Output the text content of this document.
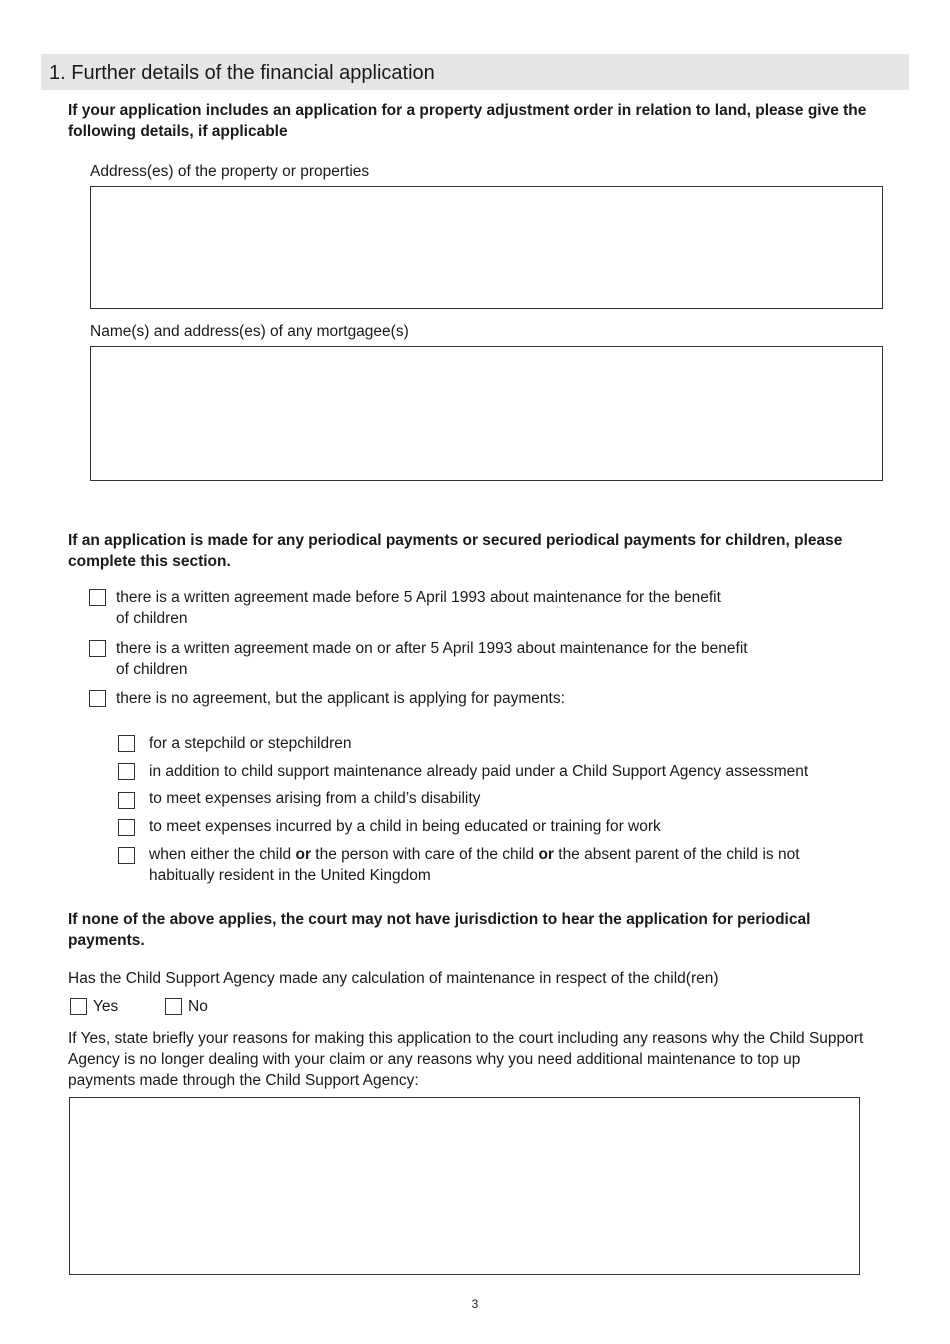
1. Further details of the financial application
If your application includes an application for a property adjustment order in relation to land, please give the following details, if applicable
Address(es) of the property or properties
Name(s) and address(es) of any mortgagee(s)
If an application is made for any periodical payments or secured periodical payments for children, please complete this section.
there is a written agreement made before 5 April 1993 about maintenance for the benefit
of children
there is a written agreement made on or after 5 April 1993 about maintenance for the benefit
of children
there is no agreement, but the applicant is applying for payments:
for a stepchild or stepchildren
in addition to child support maintenance already paid under a Child Support Agency assessment
to meet expenses arising from a child’s disability
to meet expenses incurred by a child in being educated or training for work
when either the child or the person with care of the child or the absent parent of the child is not
habitually resident in the United Kingdom
If none of the above applies, the court may not have jurisdiction to hear the application for periodical payments.
Has the Child Support Agency made any calculation of maintenance in respect of the child(ren)
Yes	No
If Yes, state briefly your reasons for making this application to the court including any reasons why the Child Support Agency is no longer dealing with your claim or any reasons why you need additional maintenance to top up payments made through the Child Support Agency:
3
